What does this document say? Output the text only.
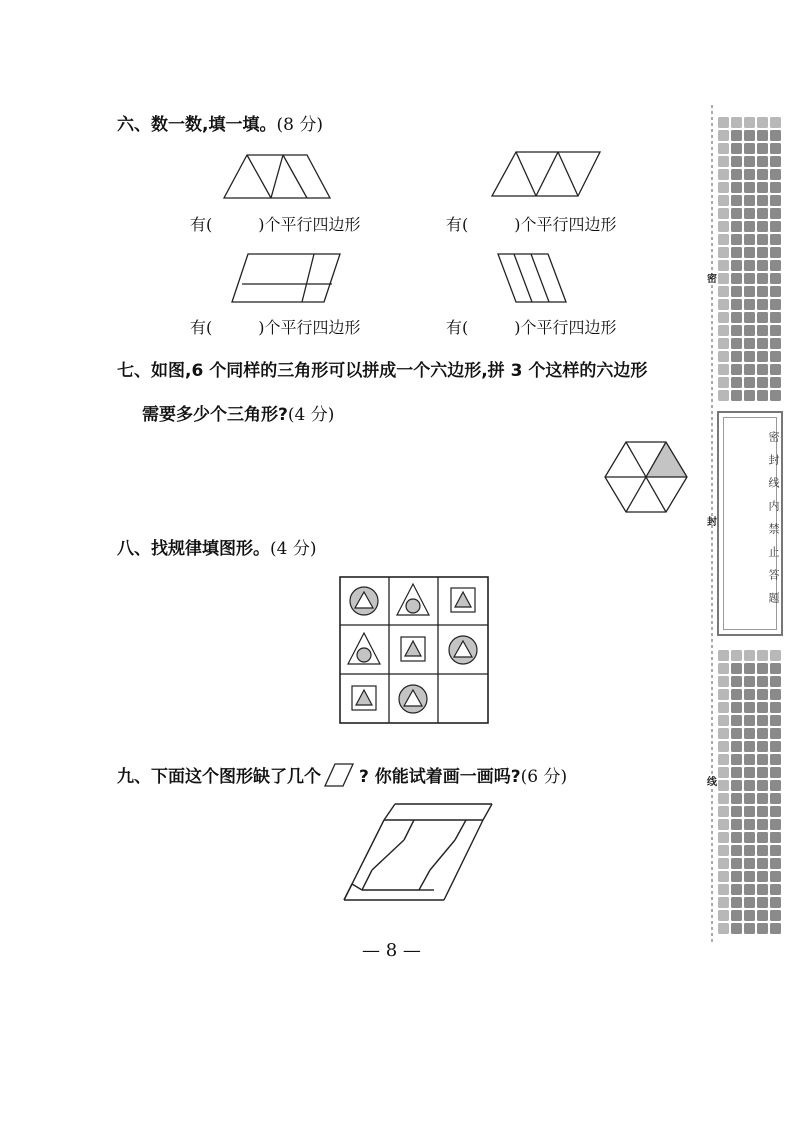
六、数一数,填一填。(8 分)
有(	)个平行四边形	有(	)个平行四边形
有(	)个平行四边形	有(	)个平行四边形
七、如图,6 个同样的三角形可以拼成一个六边形,拼 3 个这样的六边形
需要多少个三角形?(4 分)
八、找规律填图形。(4 分)
九、下面这个图形缺了几个 ? 你能试着画一画吗?(6 分)
— 8 —
密
封
线
密封线内禁止答题
